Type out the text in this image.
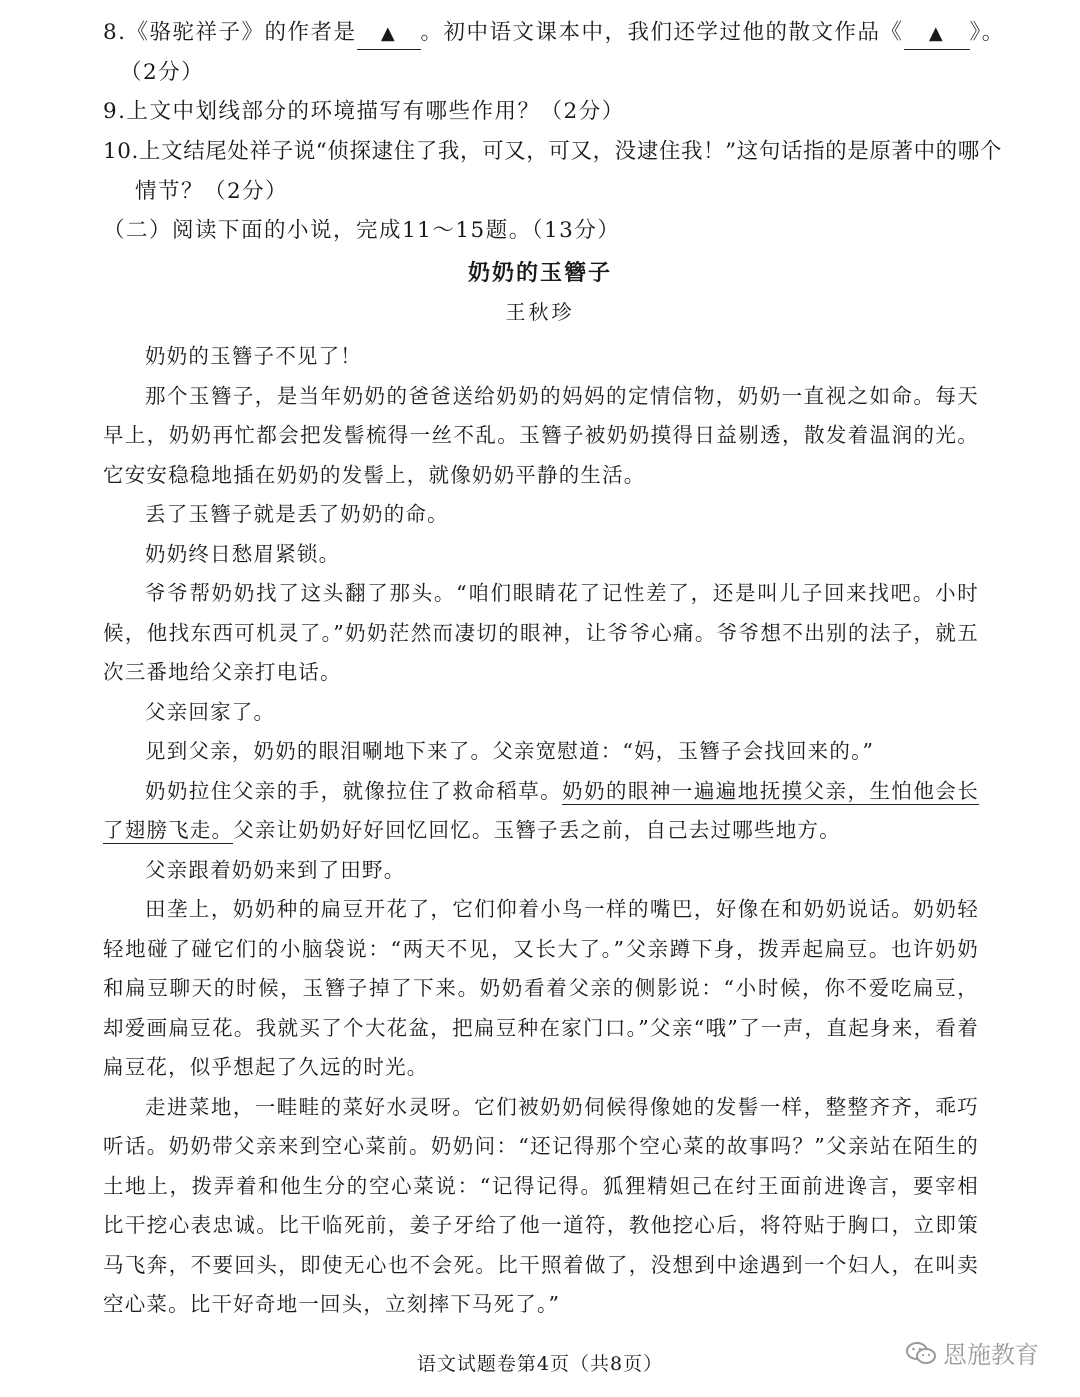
8.《骆驼祥子》的作者是 ▲ 。初中语文课本中，我们还学过他的散文作品《 ▲ 》。
（2分）
9.上文中划线部分的环境描写有哪些作用？（2分）
10.上文结尾处祥子说“侦探逮住了我，可又，可又，没逮住我！”这句话指的是原著中的哪个
情节？（2分）
（二）阅读下面的小说，完成11～15题。（13分）
奶奶的玉簪子
王秋珍

奶奶的玉簪子不见了！

那个玉簪子，是当年奶奶的爸爸送给奶奶的妈妈的定情信物，奶奶一直视之如命。每天早上，奶奶再忙都会把发髻梳得一丝不乱。玉簪子被奶奶摸得日益剔透，散发着温润的光。它安安稳稳地插在奶奶的发髻上，就像奶奶平静的生活。

丢了玉簪子就是丢了奶奶的命。

奶奶终日愁眉紧锁。

爷爷帮奶奶找了这头翻了那头。“咱们眼睛花了记性差了，还是叫儿子回来找吧。小时候，他找东西可机灵了。”奶奶茫然而凄切的眼神，让爷爷心痛。爷爷想不出别的法子，就五次三番地给父亲打电话。

父亲回家了。

见到父亲，奶奶的眼泪唰地下来了。父亲宽慰道：“妈，玉簪子会找回来的。”

奶奶拉住父亲的手，就像拉住了救命稻草。奶奶的眼神一遍遍地抚摸父亲，生怕他会长了翅膀飞走。父亲让奶奶好好回忆回忆。玉簪子丢之前，自己去过哪些地方。

父亲跟着奶奶来到了田野。

田垄上，奶奶种的扁豆开花了，它们仰着小鸟一样的嘴巴，好像在和奶奶说话。奶奶轻轻地碰了碰它们的小脑袋说：“两天不见，又长大了。”父亲蹲下身，拨弄起扁豆。也许奶奶和扁豆聊天的时候，玉簪子掉了下来。奶奶看着父亲的侧影说：“小时候，你不爱吃扁豆，却爱画扁豆花。我就买了个大花盆，把扁豆种在家门口。”父亲“哦”了一声，直起身来，看着扁豆花，似乎想起了久远的时光。

走进菜地，一畦畦的菜好水灵呀。它们被奶奶伺候得像她的发髻一样，整整齐齐，乖巧听话。奶奶带父亲来到空心菜前。奶奶问：“还记得那个空心菜的故事吗？”父亲站在陌生的土地上，拨弄着和他生分的空心菜说：“记得记得。狐狸精妲己在纣王面前进谗言，要宰相比干挖心表忠诚。比干临死前，姜子牙给了他一道符，教他挖心后，将符贴于胸口，立即策马飞奔，不要回头，即使无心也不会死。比干照着做了，没想到中途遇到一个妇人，在叫卖空心菜。比干好奇地一回头，立刻摔下马死了。”

语文试题卷第4页（共8页）	恩施教育
